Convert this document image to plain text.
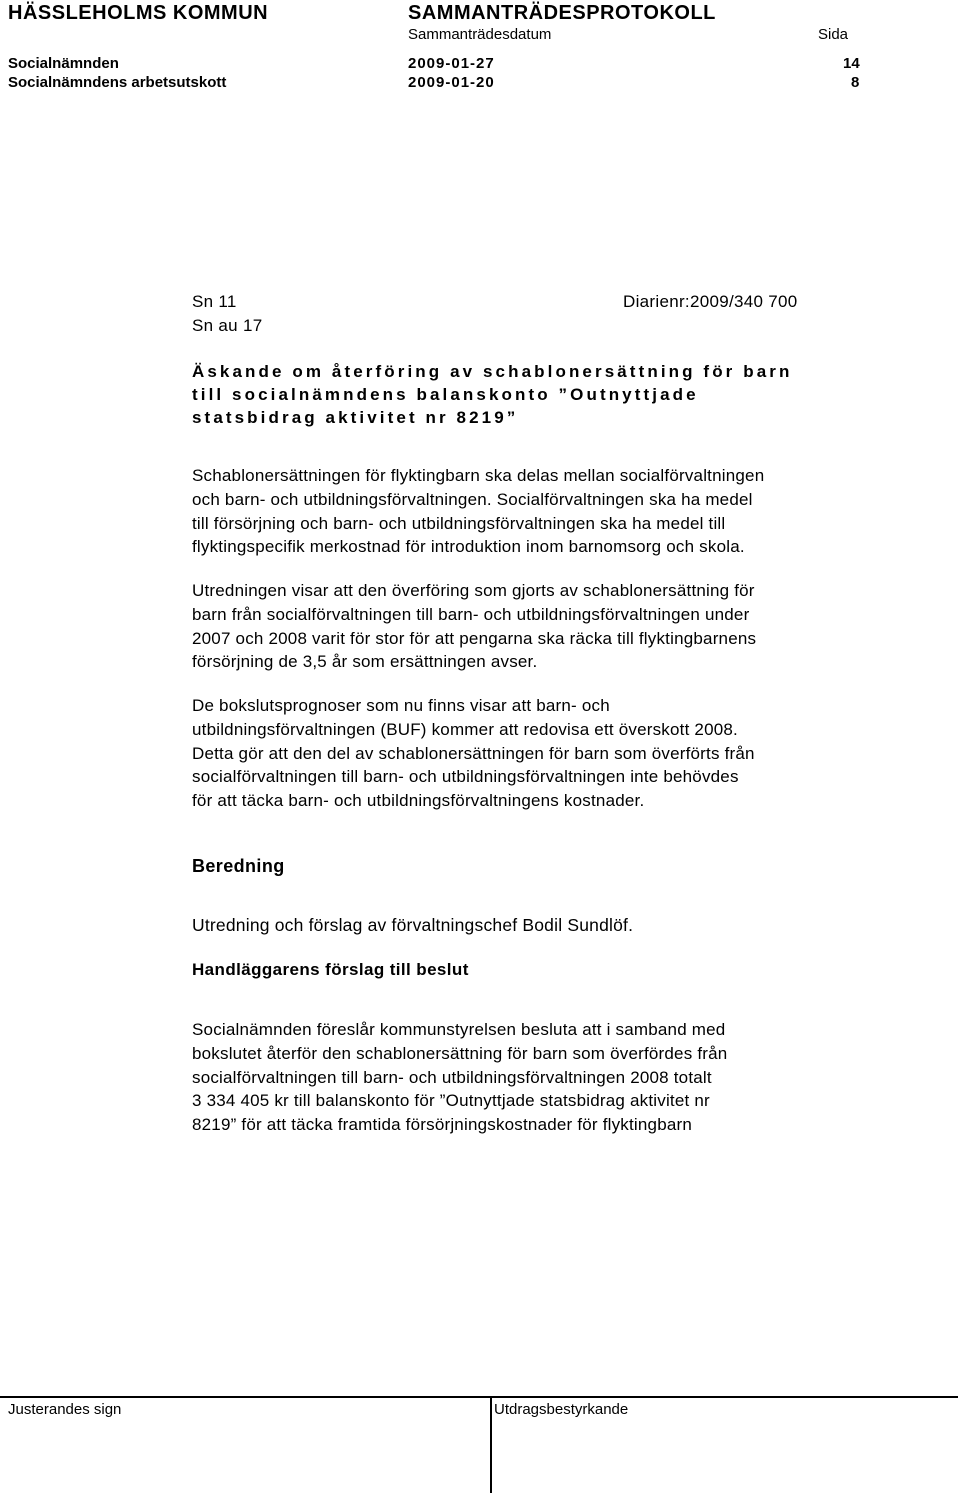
HÄSSLEHOLMS KOMMUN	SAMMANTRÄDESPROTOKOLL
Sammanträdesdatum	Sida
Socialnämnden	2009-01-27	14
Socialnämndens arbetsutskott	2009-01-20	8
Sn 11
Sn au 17
Diarienr:2009/340 700
Äskande om återföring av schablonersättning för barn
till socialnämndens balanskonto ”Outnyttjade
statsbidrag aktivitet nr 8219”
Schablonersättningen för flyktingbarn ska delas mellan socialförvaltningen
och barn- och utbildningsförvaltningen. Socialförvaltningen ska ha medel
till försörjning och barn- och utbildningsförvaltningen ska ha medel till
flyktingspecifik merkostnad för introduktion inom barnomsorg och skola.
Utredningen visar att den överföring som gjorts av schablonersättning för
barn från socialförvaltningen till barn- och utbildningsförvaltningen under
2007 och 2008 varit för stor för att pengarna ska räcka till flyktingbarnens
försörjning de 3,5 år som ersättningen avser.
De bokslutsprognoser som nu finns visar att barn- och
utbildningsförvaltningen (BUF) kommer att redovisa ett överskott 2008.
Detta gör att den del av schablonersättningen för barn som överförts från
socialförvaltningen till barn- och utbildningsförvaltningen inte behövdes
för att täcka barn- och utbildningsförvaltningens kostnader.
Beredning
Utredning och förslag av förvaltningschef Bodil Sundlöf.
Handläggarens förslag till beslut
Socialnämnden föreslår kommunstyrelsen besluta att i samband med
bokslutet återför den schablonersättning för barn som överfördes från
socialförvaltningen till barn- och utbildningsförvaltningen 2008 totalt
3 334 405 kr till balanskonto för ”Outnyttjade statsbidrag aktivitet nr
8219” för att täcka framtida försörjningskostnader för flyktingbarn
Justerandes sign	Utdragsbestyrkande
